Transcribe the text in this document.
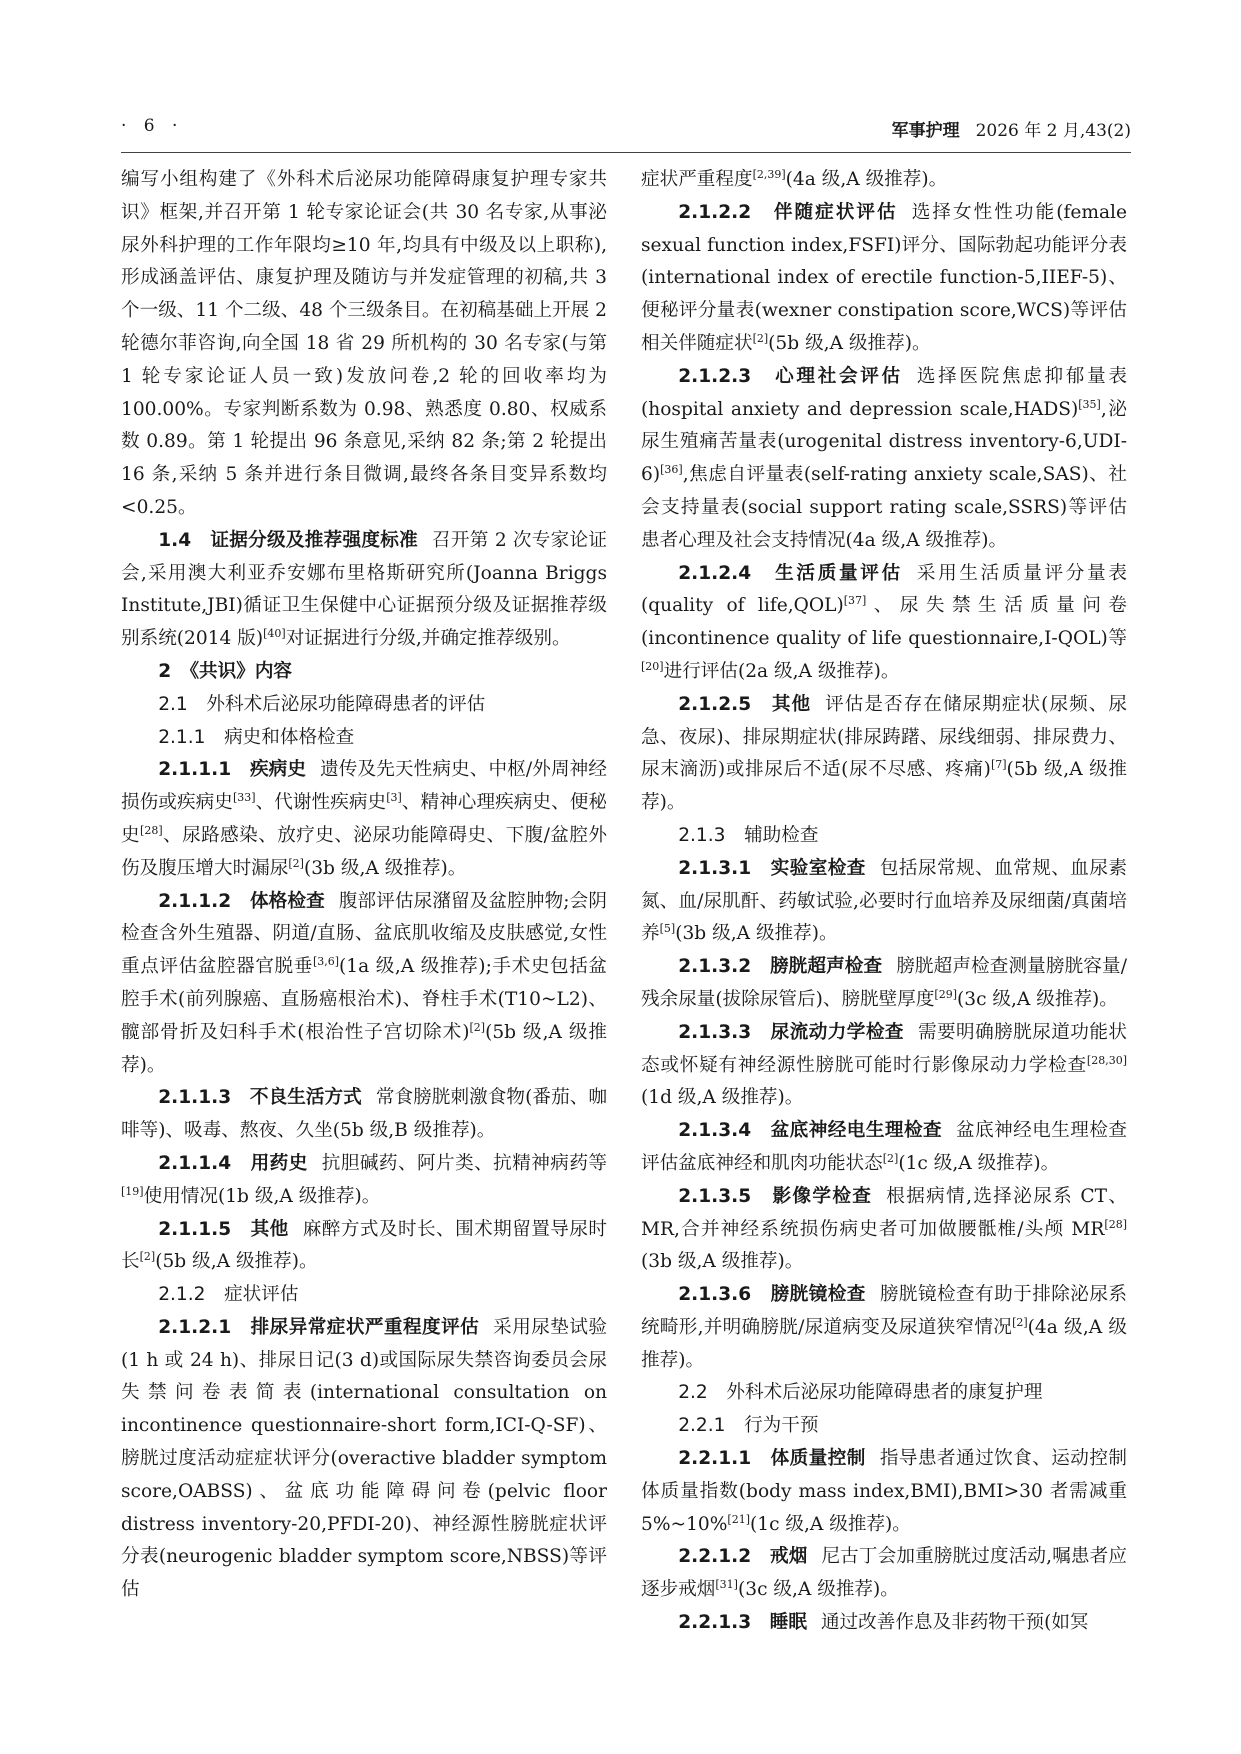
· 6 ·	军事护理 2026 年 2 月,43(2)

编写小组构建了《外科术后泌尿功能障碍康复护理专家共识》框架,并召开第 1 轮专家论证会(共 30 名专家,从事泌尿外科护理的工作年限均≥10 年,均具有中级及以上职称),形成涵盖评估、康复护理及随访与并发症管理的初稿,共 3 个一级、11 个二级、48 个三级条目。在初稿基础上开展 2 轮德尔菲咨询,向全国 18 省 29 所机构的 30 名专家(与第 1 轮专家论证人员一致)发放问卷,2 轮的回收率均为 100.00%。专家判断系数为 0.98、熟悉度 0.80、权威系数 0.89。第 1 轮提出 96 条意见,采纳 82 条;第 2 轮提出 16 条,采纳 5 条并进行条目微调,最终各条目变异系数均<0.25。

1.4　 证据分级及推荐强度标准 召开第 2 次专家论证会,采用澳大利亚乔安娜布里格斯研究所(Joanna Briggs Institute,JBI)循证卫生保健中心证据预分级及证据推荐级别系统(2014 版)[40]对证据进行分级,并确定推荐级别。

2　 《共识》内容

2.1　外科术后泌尿功能障碍患者的评估

2.1.1　病史和体格检查

2.1.1.1　 疾病史 遗传及先天性病史、中枢/外周神经损伤或疾病史[33]、代谢性疾病史[3]、精神心理疾病史、便秘史[28]、尿路感染、放疗史、泌尿功能障碍史、下腹/盆腔外伤及腹压增大时漏尿[2](3b 级,A 级推荐)。

2.1.1.2　 体格检查 腹部评估尿潴留及盆腔肿物;会阴检查含外生殖器、阴道/直肠、盆底肌收缩及皮肤感觉,女性重点评估盆腔器官脱垂[3,6](1a 级,A 级推荐);手术史包括盆腔手术(前列腺癌、直肠癌根治术)、脊柱手术(T10~L2)、髋部骨折及妇科手术(根治性子宫切除术)[2](5b 级,A 级推荐)。

2.1.1.3　 不良生活方式 常食膀胱刺激食物(番茄、咖啡等)、吸毒、熬夜、久坐(5b 级,B 级推荐)。

2.1.1.4　 用药史 抗胆碱药、阿片类、抗精神病药等[19]使用情况(1b 级,A 级推荐)。

2.1.1.5　 其他 麻醉方式及时长、围术期留置导尿时长[2](5b 级,A 级推荐)。

2.1.2　症状评估

2.1.2.1　 排尿异常症状严重程度评估 采用尿垫试验(1 h 或 24 h)、排尿日记(3 d)或国际尿失禁咨询委员会尿失禁问卷表简表(international consultation on incontinence questionnaire-short form,ICI-Q-SF)、膀胱过度活动症症状评分(overactive bladder symptom score,OABSS)、盆底功能障碍问卷(pelvic floor distress inventory-20,PFDI-20)、神经源性膀胱症状评分表(neurogenic bladder symptom score,NBSS)等评估

症状严重程度[2,39](4a 级,A 级推荐)。

2.1.2.2　 伴随症状评估 选择女性性功能(female sexual function index,FSFI)评分、国际勃起功能评分表(international index of erectile function-5,IIEF-5)、便秘评分量表(wexner constipation score,WCS)等评估相关伴随症状[2](5b 级,A 级推荐)。

2.1.2.3　 心理社会评估 选择医院焦虑抑郁量表(hospital anxiety and depression scale,HADS)[35],泌尿生殖痛苦量表(urogenital distress inventory-6,UDI-6)[36],焦虑自评量表(self-rating anxiety scale,SAS)、社会支持量表(social support rating scale,SSRS)等评估患者心理及社会支持情况(4a 级,A 级推荐)。

2.1.2.4　 生活质量评估 采用生活质量评分量表(quality of life,QOL)[37]、尿失禁生活质量问卷(incontinence quality of life questionnaire,I-QOL)等[20]进行评估(2a 级,A 级推荐)。

2.1.2.5　 其他 评估是否存在储尿期症状(尿频、尿急、夜尿)、排尿期症状(排尿踌躇、尿线细弱、排尿费力、尿末滴沥)或排尿后不适(尿不尽感、疼痛)[7](5b 级,A 级推荐)。

2.1.3　辅助检查

2.1.3.1　 实验室检查 包括尿常规、血常规、血尿素氮、血/尿肌酐、药敏试验,必要时行血培养及尿细菌/真菌培养[5](3b 级,A 级推荐)。

2.1.3.2　 膀胱超声检查 膀胱超声检查测量膀胱容量/残余尿量(拔除尿管后)、膀胱壁厚度[29](3c 级,A 级推荐)。

2.1.3.3　 尿流动力学检查 需要明确膀胱尿道功能状态或怀疑有神经源性膀胱可能时行影像尿动力学检查[28,30](1d 级,A 级推荐)。

2.1.3.4　 盆底神经电生理检查 盆底神经电生理检查评估盆底神经和肌肉功能状态[2](1c 级,A 级推荐)。

2.1.3.5　 影像学检查 根据病情,选择泌尿系 CT、MR,合并神经系统损伤病史者可加做腰骶椎/头颅 MR[28](3b 级,A 级推荐)。

2.1.3.6　 膀胱镜检查 膀胱镜检查有助于排除泌尿系统畸形,并明确膀胱/尿道病变及尿道狭窄情况[2](4a 级,A 级推荐)。

2.2　外科术后泌尿功能障碍患者的康复护理

2.2.1　行为干预

2.2.1.1　 体质量控制 指导患者通过饮食、运动控制体质量指数(body mass index,BMI),BMI>30 者需减重 5%~10%[21](1c 级,A 级推荐)。

2.2.1.2　 戒烟 尼古丁会加重膀胱过度活动,嘱患者应逐步戒烟[31](3c 级,A 级推荐)。

2.2.1.3　 睡眠 通过改善作息及非药物干预(如冥
